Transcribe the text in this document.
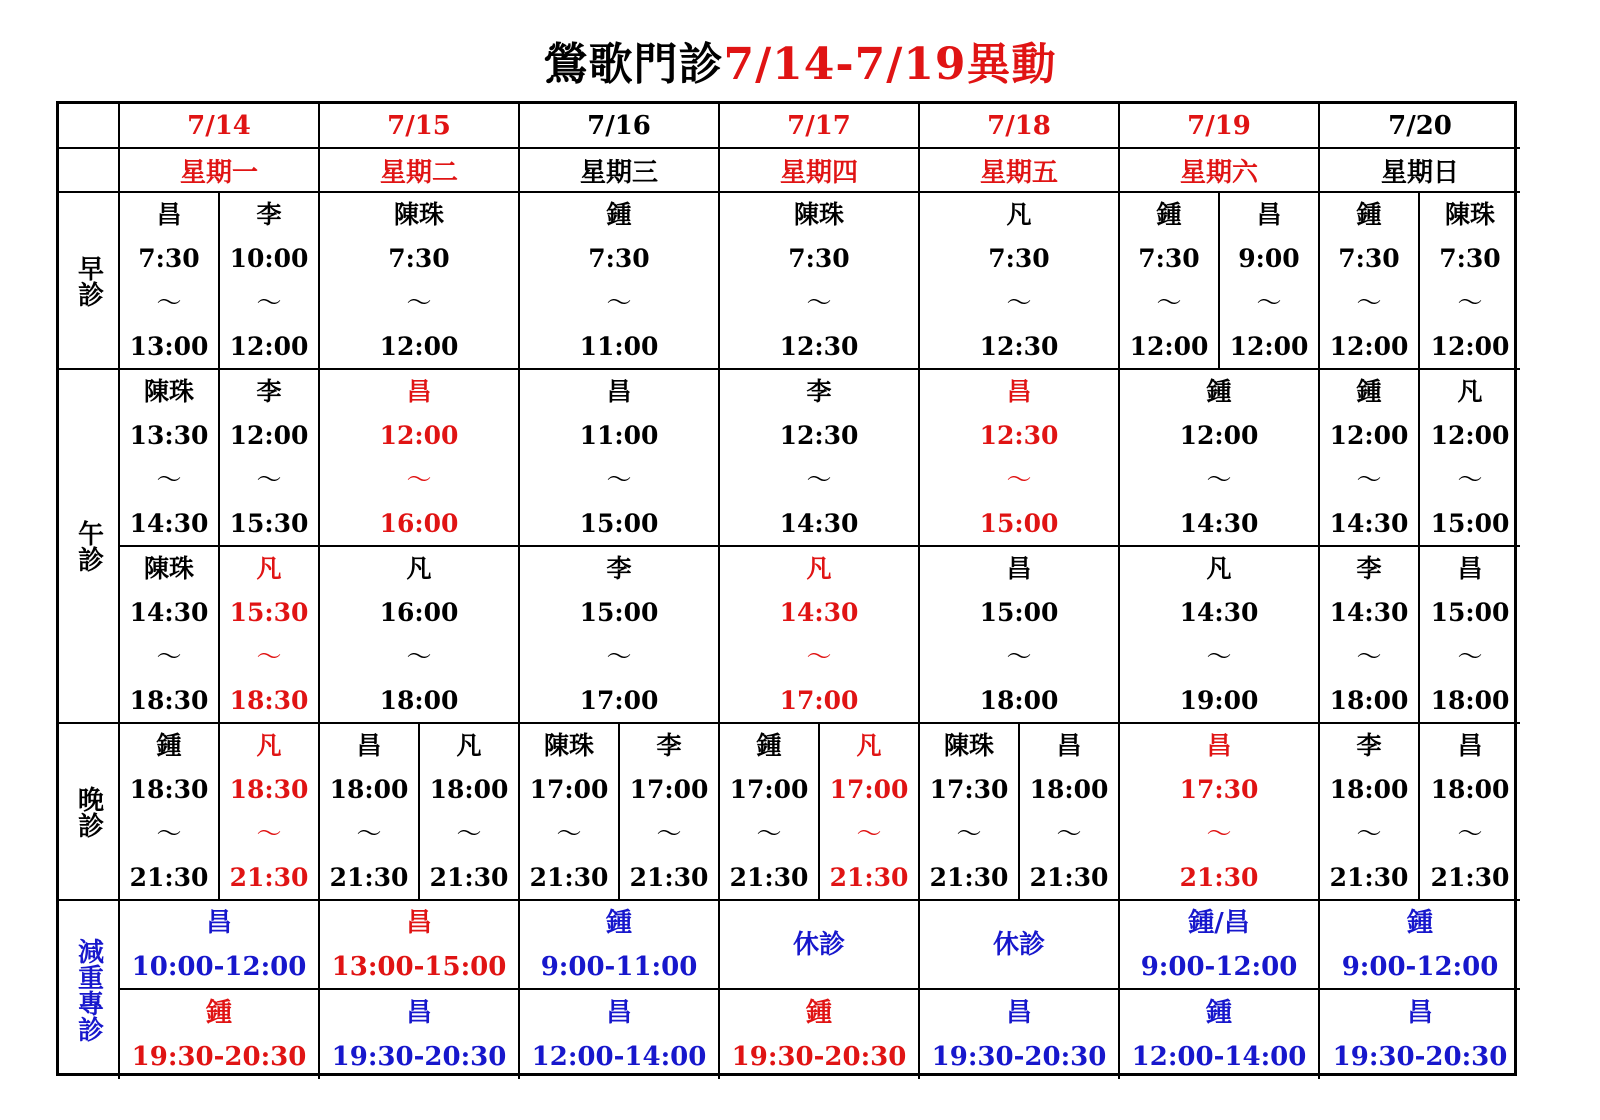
鶯歌門診7/14-7/19異動
7/14
星期一
7/15
星期二
7/16
星期三
7/17
星期四
7/18
星期五
7/19
星期六
7/20
星期日
早診
午診
晚診
減重專診
昌
7:30
～
13:00
李
10:00
～
12:00
陳珠
7:30
～
12:00
鍾
7:30
～
11:00
陳珠
7:30
～
12:30
凡
7:30
～
12:30
鍾
7:30
～
12:00
昌
9:00
～
12:00
鍾
7:30
～
12:00
陳珠
7:30
～
12:00
陳珠
13:30
～
14:30
李
12:00
～
15:30
昌
12:00
～
16:00
昌
11:00
～
15:00
李
12:30
～
14:30
昌
12:30
～
15:00
鍾
12:00
～
14:30
鍾
12:00
～
14:30
凡
12:00
～
15:00
陳珠
14:30
～
18:30
凡
15:30
～
18:30
凡
16:00
～
18:00
李
15:00
～
17:00
凡
14:30
～
17:00
昌
15:00
～
18:00
凡
14:30
～
19:00
李
14:30
～
18:00
昌
15:00
～
18:00
鍾
18:30
～
21:30
凡
18:30
～
21:30
昌
18:00
～
21:30
凡
18:00
～
21:30
陳珠
17:00
～
21:30
李
17:00
～
21:30
鍾
17:00
～
21:30
凡
17:00
～
21:30
陳珠
17:30
～
21:30
昌
18:00
～
21:30
昌
17:30
～
21:30
李
18:00
～
21:30
昌
18:00
～
21:30
昌
10:00-12:00
昌
13:00-15:00
鍾
9:00-11:00
休診	休診
鍾/昌
9:00-12:00
鍾
9:00-12:00
鍾
19:30-20:30
昌
19:30-20:30
昌
12:00-14:00
鍾
19:30-20:30
昌
19:30-20:30
鍾
12:00-14:00
昌
19:30-20:30
